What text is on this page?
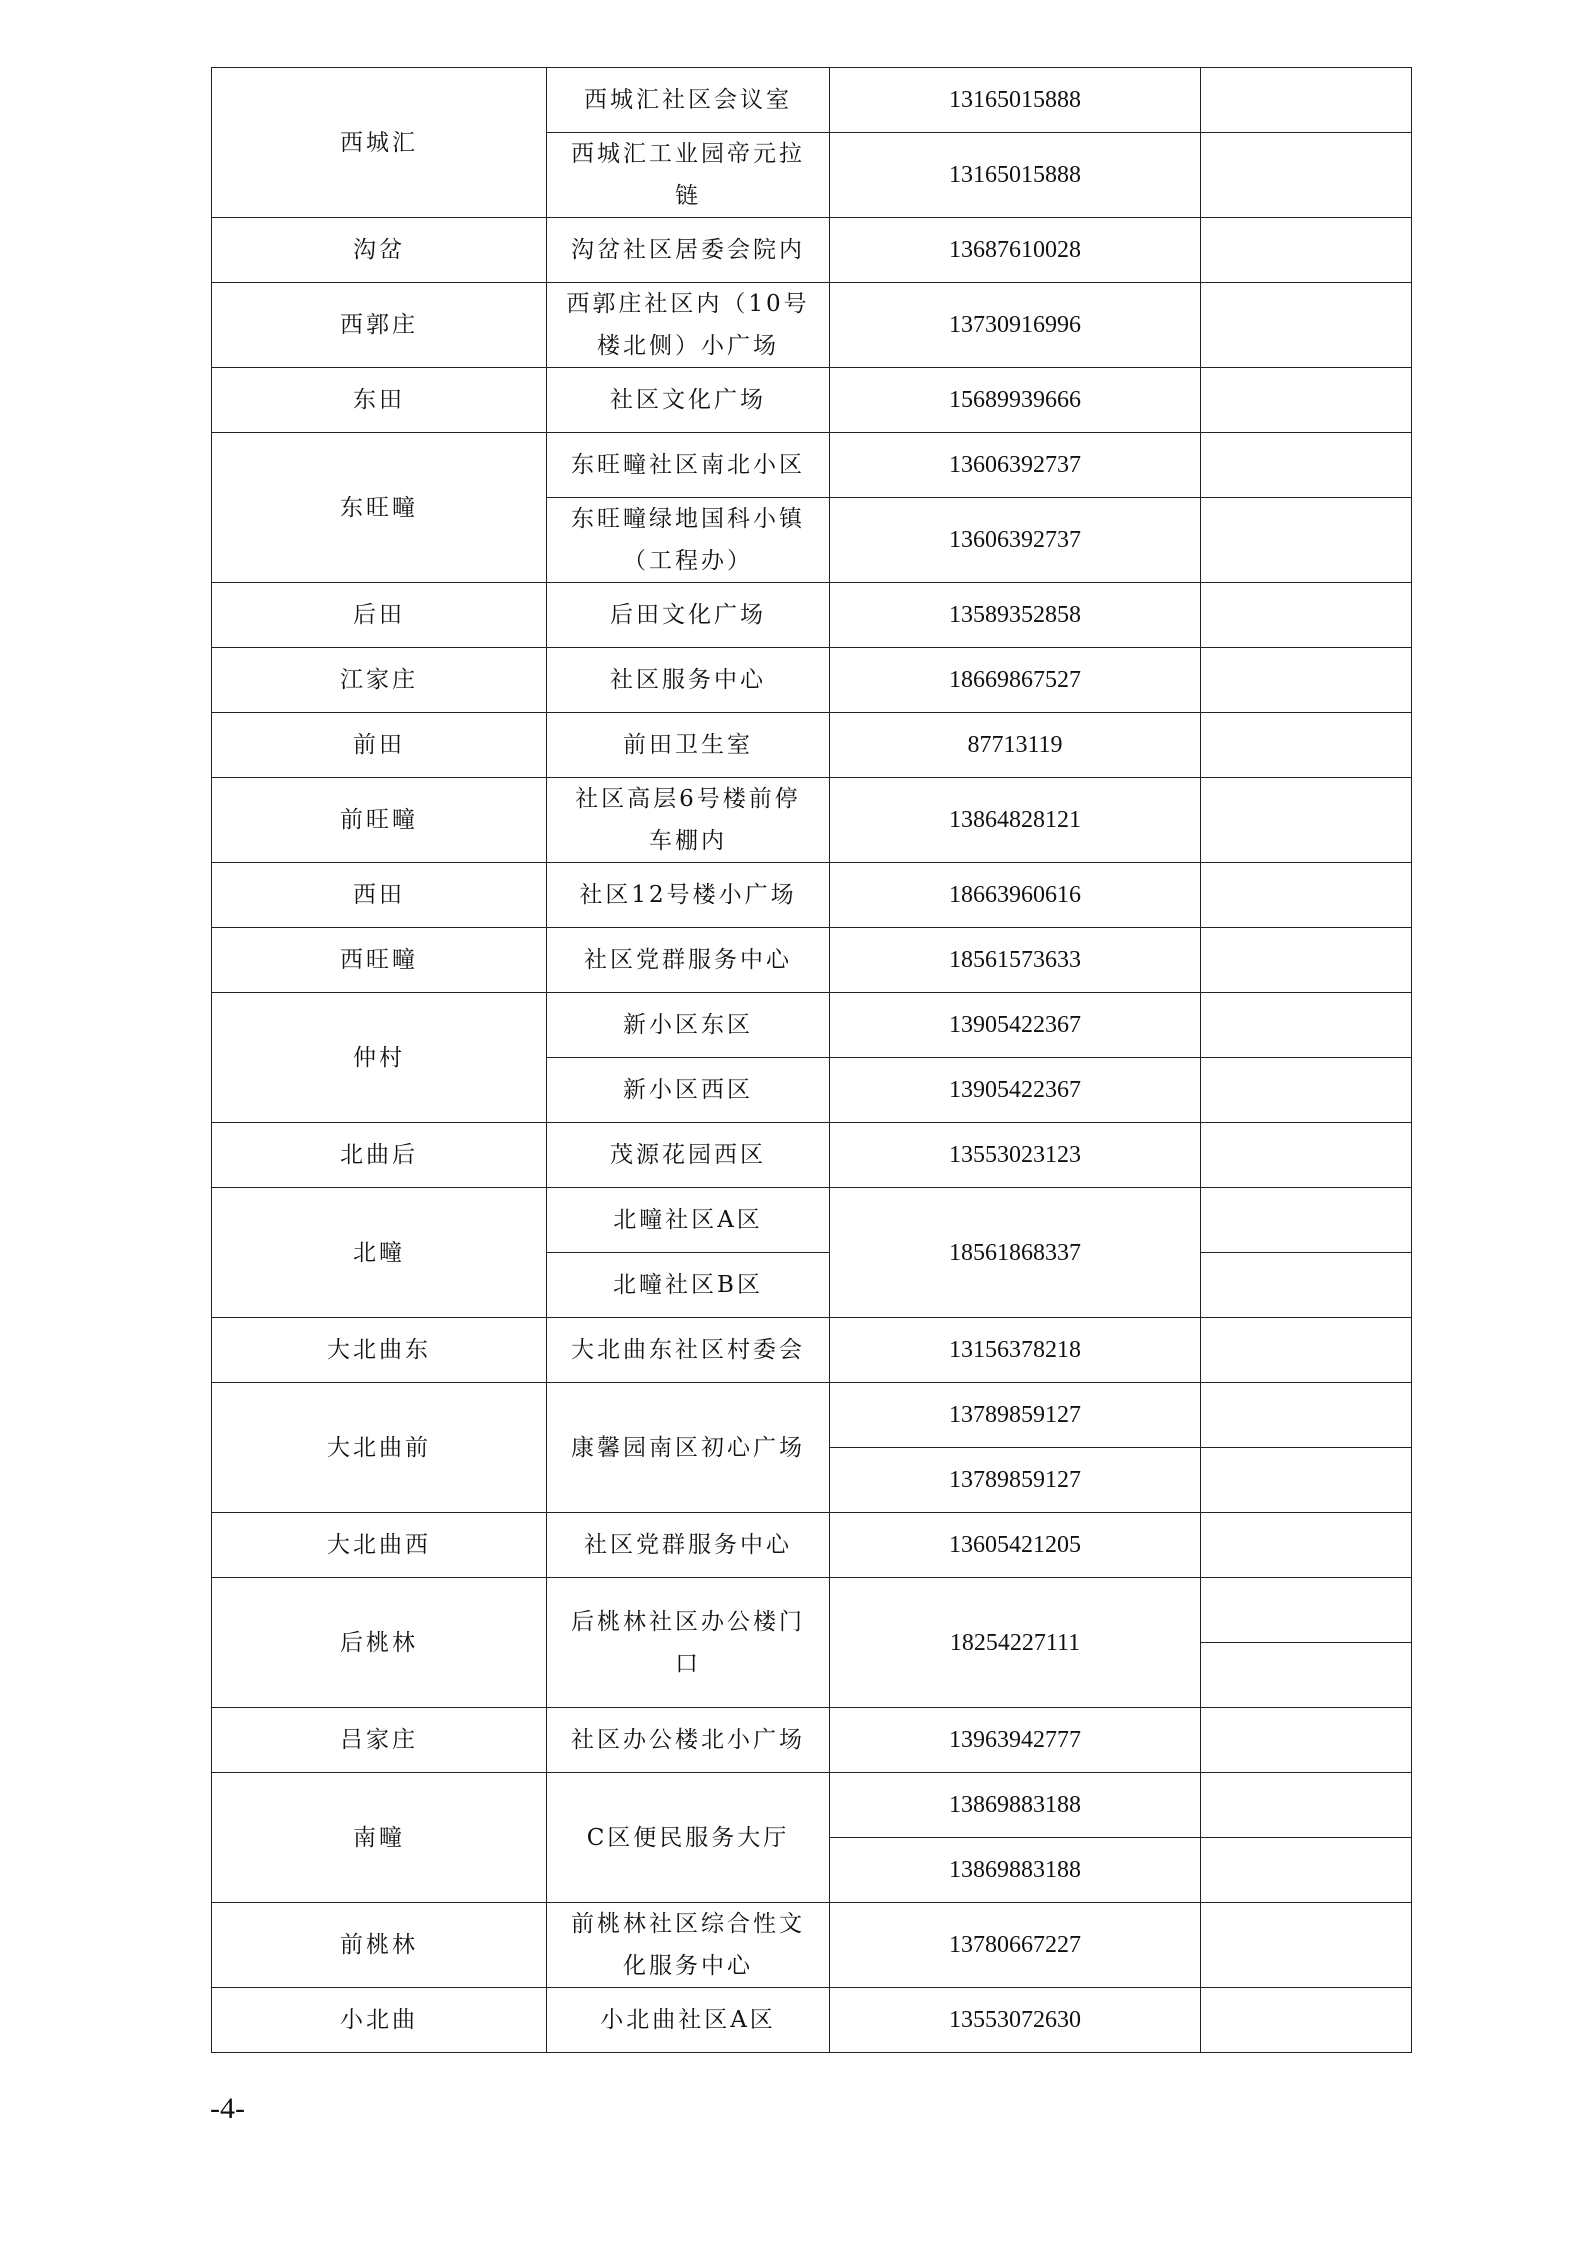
西城汇	西城汇社区会议室	13165015888	
	西城汇工业园帝元拉链	13165015888	
沟岔	沟岔社区居委会院内	13687610028	
西郭庄	西郭庄社区内（10号楼北侧）小广场	13730916996	
东田	社区文化广场	15689939666	
东旺疃	东旺疃社区南北小区	13606392737	
	东旺疃绿地国科小镇（工程办）	13606392737	
后田	后田文化广场	13589352858	
江家庄	社区服务中心	18669867527	
前田	前田卫生室	87713119	
前旺疃	社区高层6号楼前停车棚内	13864828121	
西田	社区12号楼小广场	18663960616	
西旺疃	社区党群服务中心	18561573633	
仲村	新小区东区	13905422367	
	新小区西区	13905422367	
北曲后	茂源花园西区	13553023123	
北疃	北疃社区A区	18561868337	
	北疃社区B区		
大北曲东	大北曲东社区村委会	13156378218	
大北曲前	康馨园南区初心广场	13789859127	
		13789859127	
大北曲西	社区党群服务中心	13605421205	
后桃林	后桃林社区办公楼门口	18254227111	

吕家庄	社区办公楼北小广场	13963942777	
南疃	C区便民服务大厅	13869883188	
		13869883188	
前桃林	前桃林社区综合性文化服务中心	13780667227	
小北曲	小北曲社区A区	13553072630	
-4-
